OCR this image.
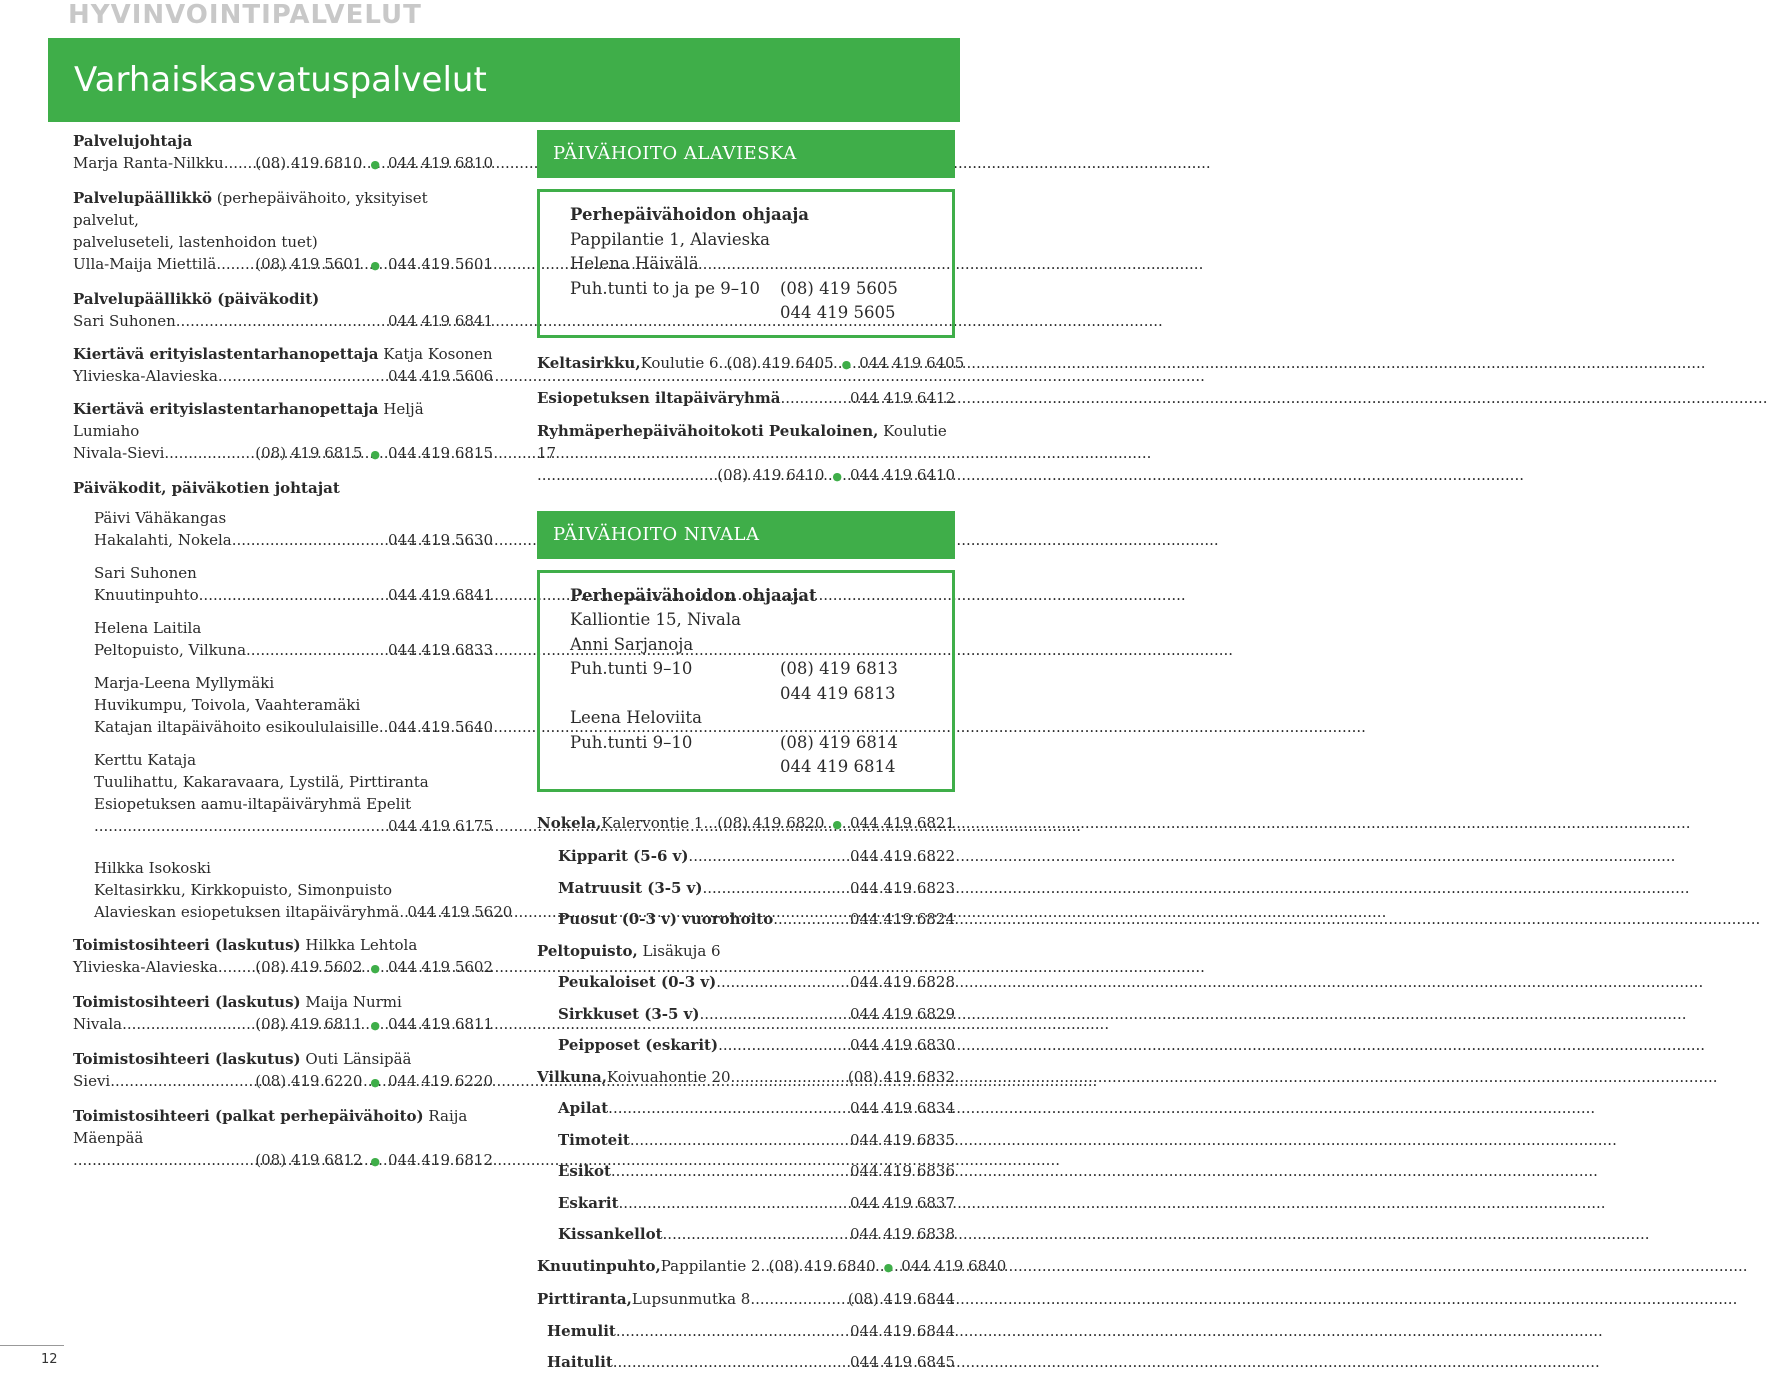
HYVINVOINTIPALVELUT
Varhaiskasvatuspalvelut
Palvelujohtaja
Marja Ranta-Nilkku ..... (08) 419 6810 ● 044 419 6810
Palvelupäällikkö (perhepäivähoito, yksityiset palvelut,
palveluseteli, lastenhoidon tuet)
Ulla-Maija Miettilä .....	(08) 419 5601 ● 044 419 5601
Palvelupäällikkö (päiväkodit)
Sari Suhonen .....	044 419 6841
Kiertävä erityislastentarhanopettaja Katja Kosonen
Ylivieska-Alavieska .....	044 419 5606
Kiertävä erityislastentarhanopettaja Heljä Lumiaho
Nivala-Sievi .....	(08) 419 6815 ● 044 419 6815
Päiväkodit, päiväkotien johtajat
Päivi Vähäkangas
Hakalahti, Nokela .....	044 419 5630
Sari Suhonen
Knuutinpuhto .....	044 419 6841
Helena Laitila
Peltopuisto, Vilkuna .....	044 419 6833
Marja-Leena Myllymäki
Huvikumpu, Toivola, Vaahteramäki
Katajan iltapäivähoito esikoululaisille ..... 044 419 5640
Kerttu Kataja
Tuulihattu, Kakaravaara, Lystilä, Pirttiranta
Esiopetuksen aamu-iltapäiväryhmä Epelit
.....
044 419 6175
Hilkka Isokoski
Keltasirkku, Kirkkopuisto, Simonpuisto
Alavieskan esiopetuksen iltapäiväryhmä ..... 044 419 5620
Toimistosihteeri (laskutus) Hilkka Lehtola
Ylivieska-Alavieska ..... (08) 419 5602 ● 044 419 5602
Toimistosihteeri (laskutus) Maija Nurmi
Nivala .....	(08) 419 6811 ● 044 419 6811
Toimistosihteeri (laskutus) Outi Länsipää
Sievi .....	(08) 419 6220 ● 044 419 6220
Toimistosihteeri (palkat perhepäivähoito) Raija Mäenpää
.....
(08) 419 6812 ● 044 419 6812
PÄIVÄHOITO ALAVIESKA
Perhepäivähoidon ohjaaja
Pappilantie 1, Alavieska
Helena Häivälä
Puh.tunti to ja pe 9–10	(08) 419 5605
044 419 5605
Keltasirkku, Koulutie 6 ..... (08) 419 6405 ● 044 419 6405
Esiopetuksen iltapäiväryhmä .....	044 419 6412
Ryhmäperhepäivähoitokoti Peukaloinen, Koulutie 17
.....
(08) 419 6410 ● 044 419 6410
PÄIVÄHOITO NIVALA
Perhepäivähoidon ohjaajat
Kalliontie 15, Nivala
Anni Sarjanoja
Puh.tunti 9–10	(08) 419 6813
044 419 6813
Leena Heloviita
Puh.tunti 9–10	(08) 419 6814
044 419 6814
Nokela, Kalervontie 1 ..... (08) 419 6820 ● 044 419 6821
Kipparit (5-6 v) .....	044 419 6822
Matruusit (3-5 v) .....	044 419 6823
Puosut (0-3 v) vuorohoito .....	044 419 6824
Peltopuisto, Lisäkuja 6
Peukaloiset (0-3 v) .....	044 419 6828
Sirkkuset (3-5 v) .....	044 419 6829
Peipposet (eskarit) .....	044 419 6830
Vilkuna, Koivuahontie 20 .....	(08) 419 6832
Apilat .....	044 419 6834
Timoteit .....	044 419 6835
Esikot .....	044 419 6836
Eskarit .....	044 419 6837
Kissankellot .....	044 419 6838
Knuutinpuhto, Pappilantie 2 ..... (08) 419 6840 ● 044 419 6840
Pirttiranta, Lupsunmutka 8 .....	(08) 419 6844
Hemulit .....	044 419 6844
Haitulit .....	044 419 6845
12
